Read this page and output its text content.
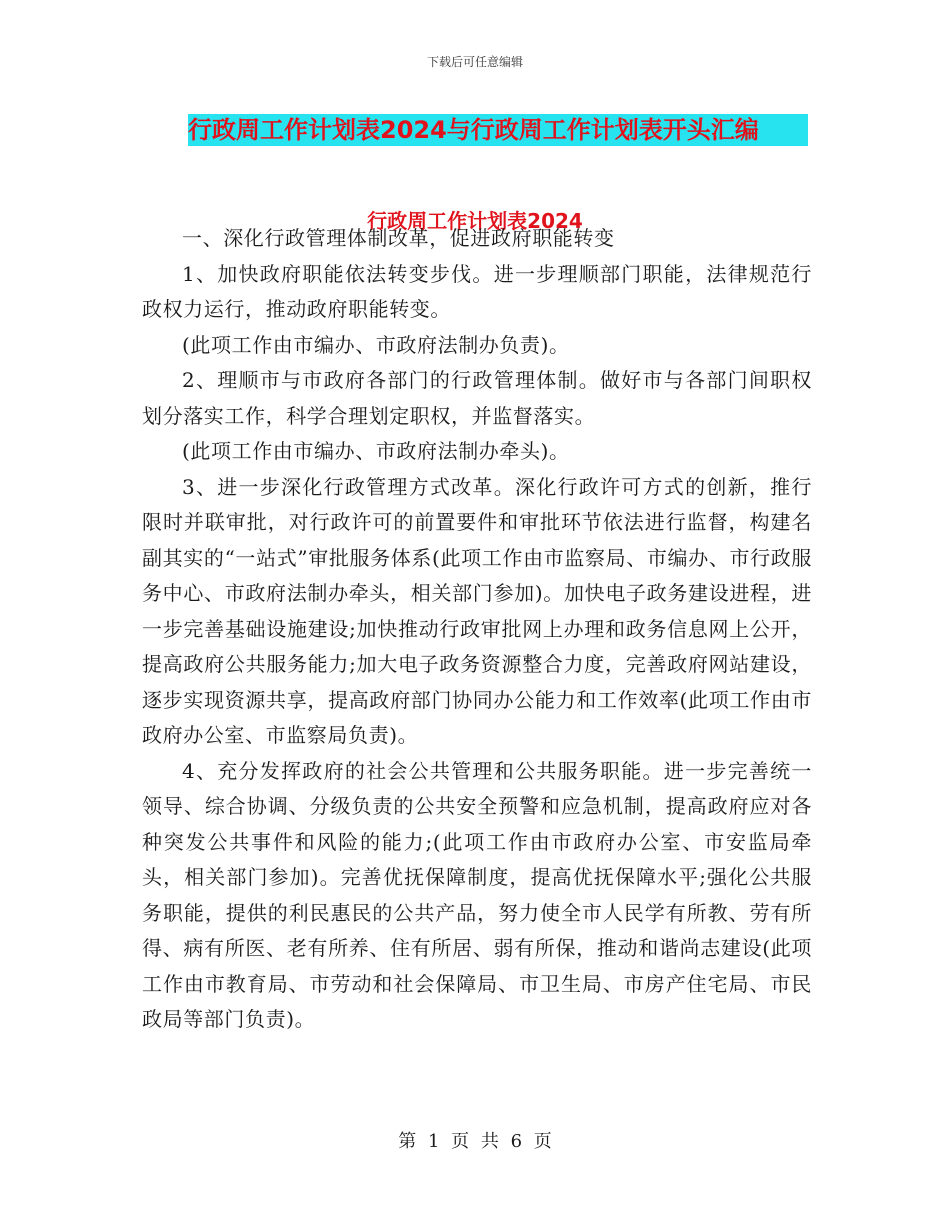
下载后可任意编辑
行政周工作计划表2024与行政周工作计划表开头汇编
行政周工作计划表2024

一、深化行政管理体制改革，促进政府职能转变

1、加快政府职能依法转变步伐。进一步理顺部门职能，法律规范行政权力运行，推动政府职能转变。

(此项工作由市编办、市政府法制办负责)。

2、理顺市与市政府各部门的行政管理体制。做好市与各部门间职权划分落实工作，科学合理划定职权，并监督落实。

(此项工作由市编办、市政府法制办牵头)。

3、进一步深化行政管理方式改革。深化行政许可方式的创新，推行限时并联审批，对行政许可的前置要件和审批环节依法进行监督，构建名副其实的“一站式”审批服务体系(此项工作由市监察局、市编办、市行政服务中心、市政府法制办牵头，相关部门参加)。加快电子政务建设进程，进一步完善基础设施建设;加快推动行政审批网上办理和政务信息网上公开，提高政府公共服务能力;加大电子政务资源整合力度，完善政府网站建设，逐步实现资源共享，提高政府部门协同办公能力和工作效率(此项工作由市政府办公室、市监察局负责)。

4、充分发挥政府的社会公共管理和公共服务职能。进一步完善统一领导、综合协调、分级负责的公共安全预警和应急机制，提高政府应对各种突发公共事件和风险的能力;(此项工作由市政府办公室、市安监局牵头，相关部门参加)。完善优抚保障制度，提高优抚保障水平;强化公共服务职能，提供的利民惠民的公共产品，努力使全市人民学有所教、劳有所得、病有所医、老有所养、住有所居、弱有所保，推动和谐尚志建设(此项工作由市教育局、市劳动和社会保障局、市卫生局、市房产住宅局、市民政局等部门负责)。

第 1 页 共 6 页
